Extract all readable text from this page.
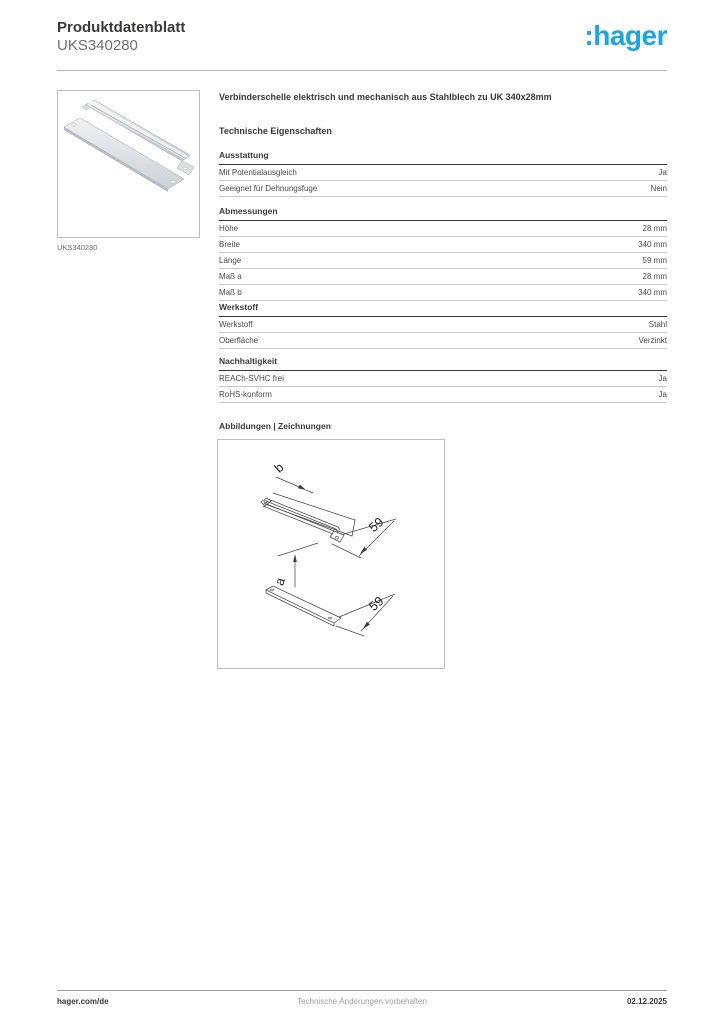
Produktdatenblatt
UKS340280	:hager
UKS340280
Verbinderschelle elektrisch und mechanisch aus Stahlblech zu UK 340x28mm
Technische Eigenschaften
Ausstattung
Mit Potentialausgleich	Ja
Geeignet für Dehnungsfuge	Nein
Abmessungen
Höhe	28 mm
Breite	340 mm
Länge	59 mm
Maß a	28 mm
Maß b	340 mm
Werkstoff
Werkstoff	Stahl
Oberfläche	Verzinkt
Nachhaltigkeit
REACh-SVHC frei	Ja
RoHS-konform	Ja
Abbildungen | Zeichnungen
b
59
a
59
Technische Änderungen vorbehalten
hager.com/de	02.12.2025
